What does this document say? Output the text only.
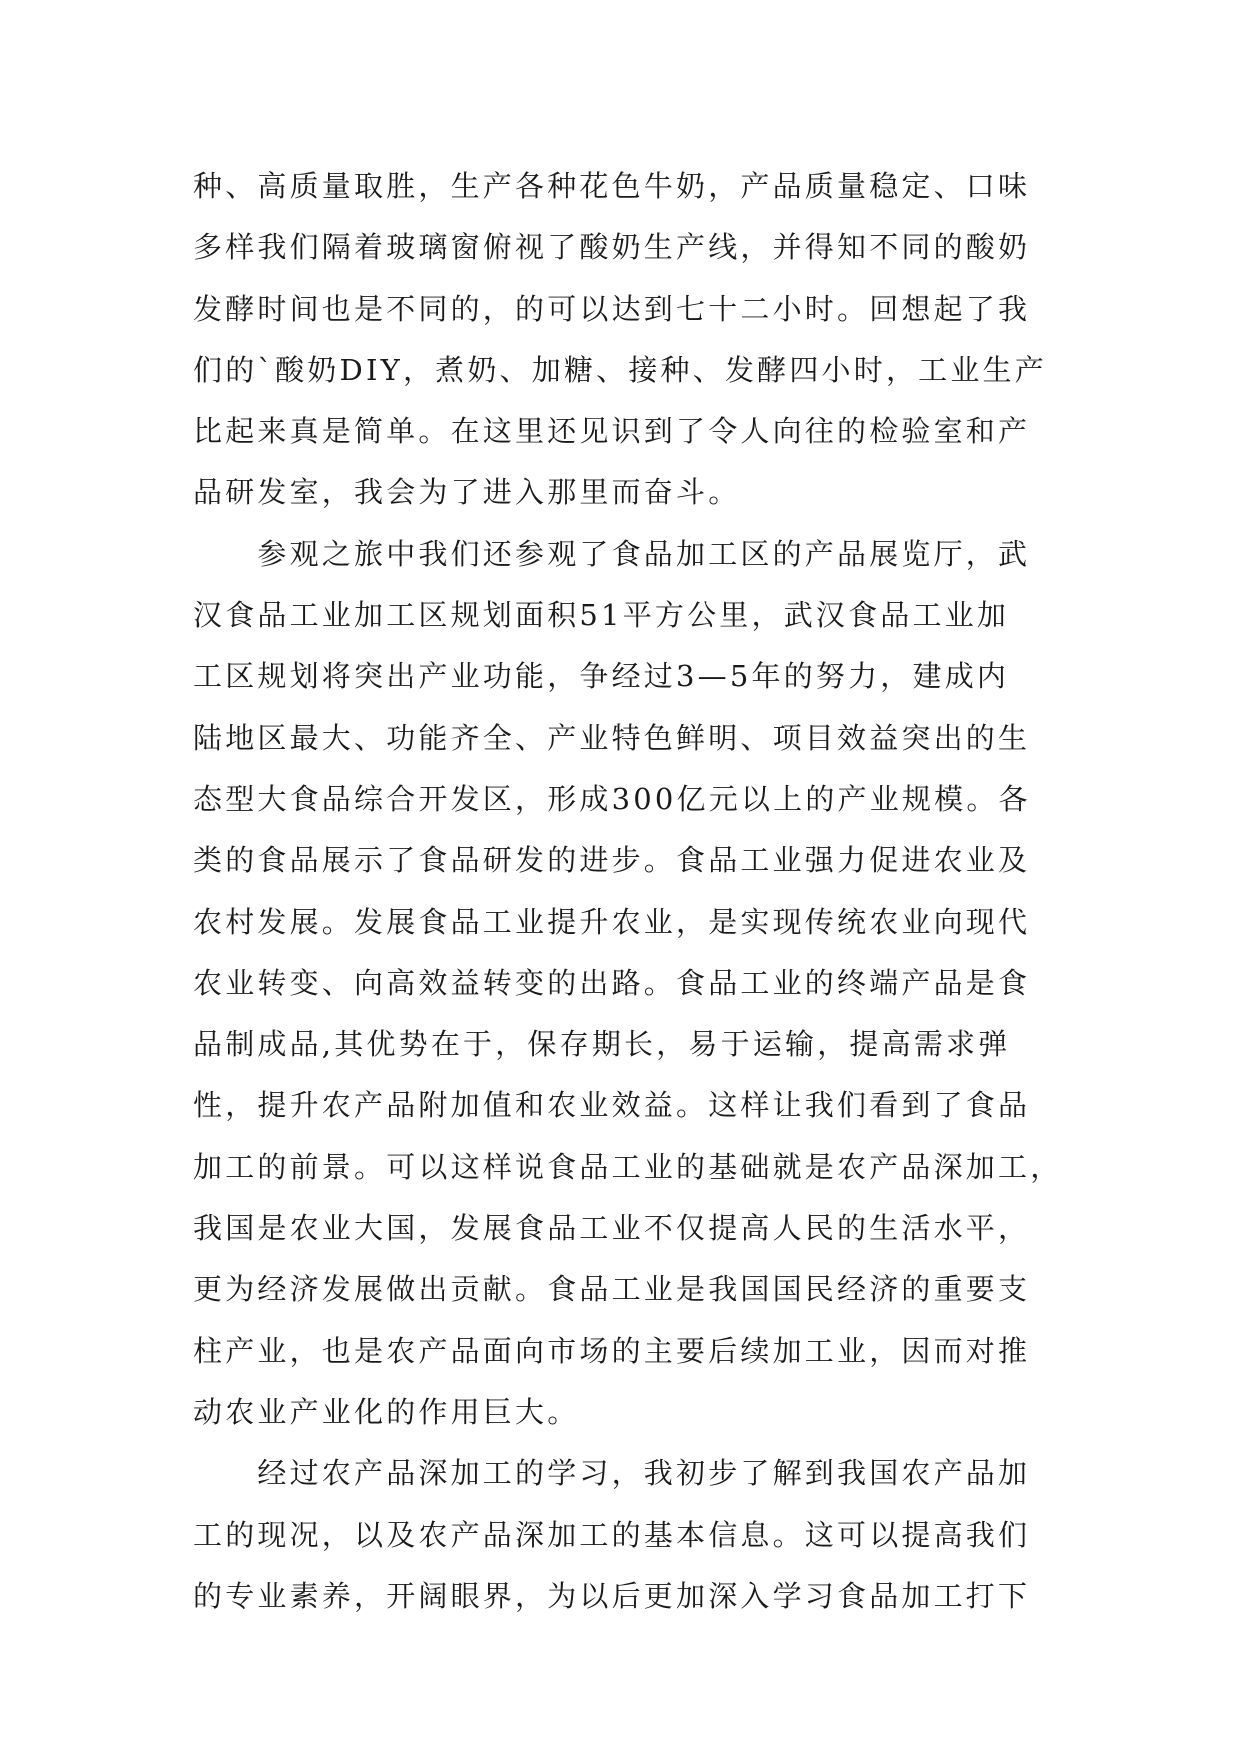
种、高质量取胜，生产各种花色牛奶，产品质量稳定、口味
多样我们隔着玻璃窗俯视了酸奶生产线，并得知不同的酸奶
发酵时间也是不同的，的可以达到七十二小时。回想起了我
们的`酸奶DIY，煮奶、加糖、接种、发酵四小时，工业生产
比起来真是简单。在这里还见识到了令人向往的检验室和产
品研发室，我会为了进入那里而奋斗。
　　参观之旅中我们还参观了食品加工区的产品展览厅，武
汉食品工业加工区规划面积51平方公里，武汉食品工业加
工区规划将突出产业功能，争经过3—5年的努力，建成内
陆地区最大、功能齐全、产业特色鲜明、项目效益突出的生
态型大食品综合开发区，形成300亿元以上的产业规模。各
类的食品展示了食品研发的进步。食品工业强力促进农业及
农村发展。发展食品工业提升农业，是实现传统农业向现代
农业转变、向高效益转变的出路。食品工业的终端产品是食
品制成品,其优势在于，保存期长，易于运输，提高需求弹
性，提升农产品附加值和农业效益。这样让我们看到了食品
加工的前景。可以这样说食品工业的基础就是农产品深加工，
我国是农业大国，发展食品工业不仅提高人民的生活水平，
更为经济发展做出贡献。食品工业是我国国民经济的重要支
柱产业，也是农产品面向市场的主要后续加工业，因而对推
动农业产业化的作用巨大。
　　经过农产品深加工的学习，我初步了解到我国农产品加
工的现况，以及农产品深加工的基本信息。这可以提高我们
的专业素养，开阔眼界，为以后更加深入学习食品加工打下
